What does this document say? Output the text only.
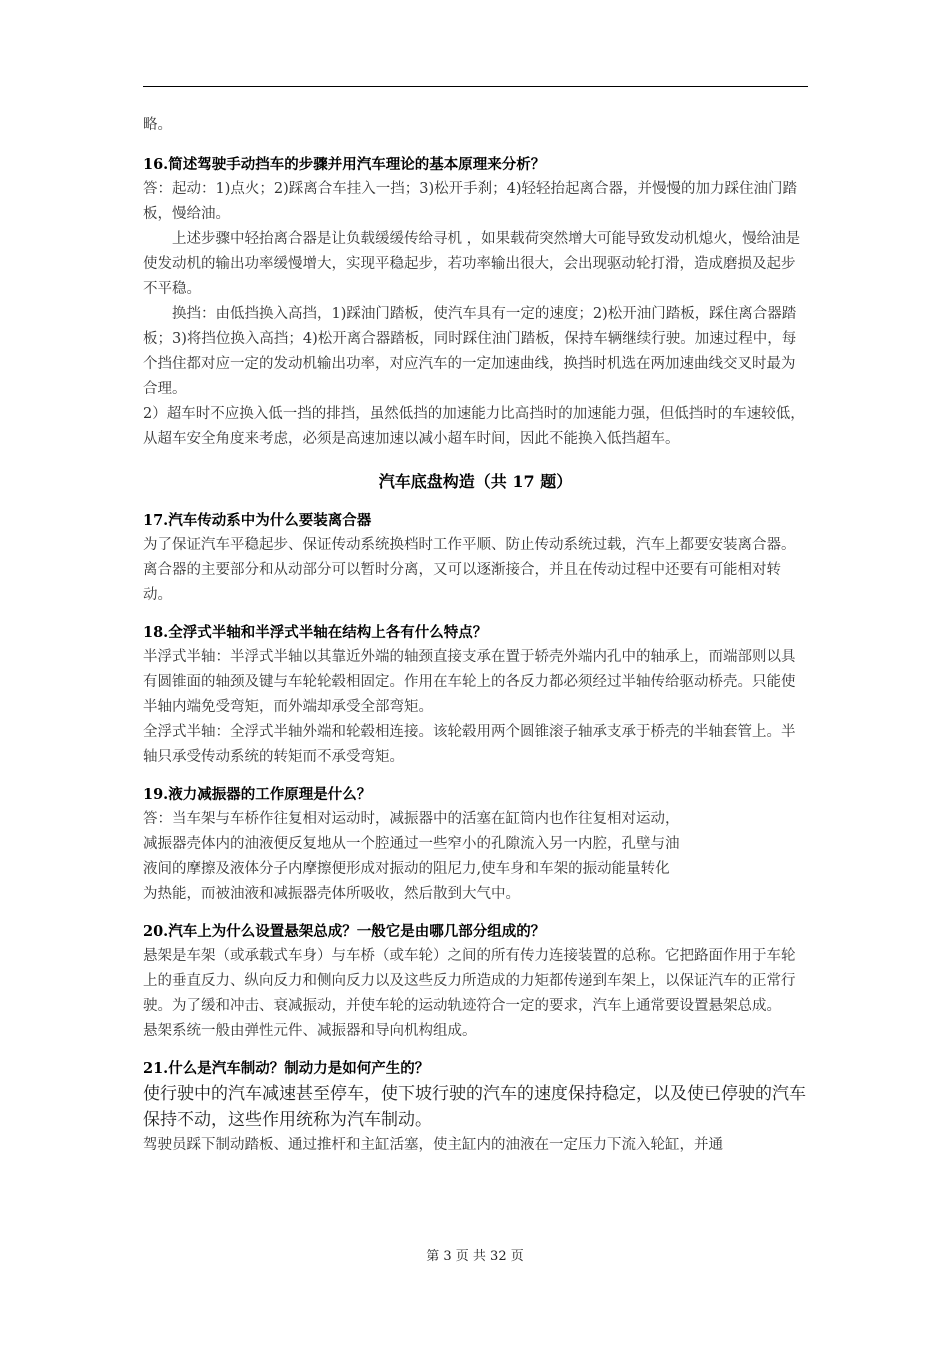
略。

16.简述驾驶手动挡车的步骤并用汽车理论的基本原理来分析？

答：起动：1)点火；2)踩离合车挂入一挡；3)松开手刹；4)轻轻抬起离合器，并慢慢的加力踩住油门踏板，慢给油。

上述步骤中轻抬离合器是让负载缓缓传给寻机 ，如果载荷突然增大可能导致发动机熄火，慢给油是使发动机的输出功率缓慢增大，实现平稳起步，若功率输出很大，会出现驱动轮打滑，造成磨损及起步不平稳。

换挡：由低挡换入高挡，1)踩油门踏板，使汽车具有一定的速度；2)松开油门踏板，踩住离合器踏板；3)将挡位换入高挡；4)松开离合器踏板，同时踩住油门踏板，保持车辆继续行驶。加速过程中，每个挡住都对应一定的发动机输出功率，对应汽车的一定加速曲线，换挡时机选在两加速曲线交叉时最为合理。

2）超车时不应换入低一挡的排挡，虽然低挡的加速能力比高挡时的加速能力强，但低挡时的车速较低，从超车安全角度来考虑，必须是高速加速以减小超车时间，因此不能换入低挡超车。

汽车底盘构造（共 17 题）

17.汽车传动系中为什么要装离合器

为了保证汽车平稳起步、保证传动系统换档时工作平顺、防止传动系统过载，汽车上都要安装离合器。离合器的主要部分和从动部分可以暂时分离，又可以逐渐接合，并且在传动过程中还要有可能相对转动。

18.全浮式半轴和半浮式半轴在结构上各有什么特点？

半浮式半轴：半浮式半轴以其靠近外端的轴颈直接支承在置于轿壳外端内孔中的轴承上，而端部则以具有圆锥面的轴颈及键与车轮轮毂相固定。作用在车轮上的各反力都必须经过半轴传给驱动桥壳。只能使半轴内端免受弯矩，而外端却承受全部弯矩。

全浮式半轴：全浮式半轴外端和轮毂相连接。该轮毂用两个圆锥滚子轴承支承于桥壳的半轴套管上。半轴只承受传动系统的转矩而不承受弯矩。

19.液力减振器的工作原理是什么？

答：当车架与车桥作往复相对运动时，减振器中的活塞在缸筒内也作往复相对运动，

减振器壳体内的油液便反复地从一个腔通过一些窄小的孔隙流入另一内腔，孔壁与油

液间的摩擦及液体分子内摩擦便形成对振动的阻尼力,使车身和车架的振动能量转化

为热能，而被油液和减振器壳体所吸收，然后散到大气中。

20.汽车上为什么设置悬架总成？一般它是由哪几部分组成的？

悬架是车架（或承载式车身）与车桥（或车轮）之间的所有传力连接装置的总称。它把路面作用于车轮上的垂直反力、纵向反力和侧向反力以及这些反力所造成的力矩都传递到车架上，以保证汽车的正常行驶。为了缓和冲击、衰减振动，并使车轮的运动轨迹符合一定的要求，汽车上通常要设置悬架总成。

悬架系统一般由弹性元件、减振器和导向机构组成。

21.什么是汽车制动？制动力是如何产生的？

使行驶中的汽车减速甚至停车，使下坡行驶的汽车的速度保持稳定，以及使已停驶的汽车保持不动，这些作用统称为汽车制动。

驾驶员踩下制动踏板、通过推杆和主缸活塞，使主缸内的油液在一定压力下流入轮缸，并通

第 3 页 共 32 页
